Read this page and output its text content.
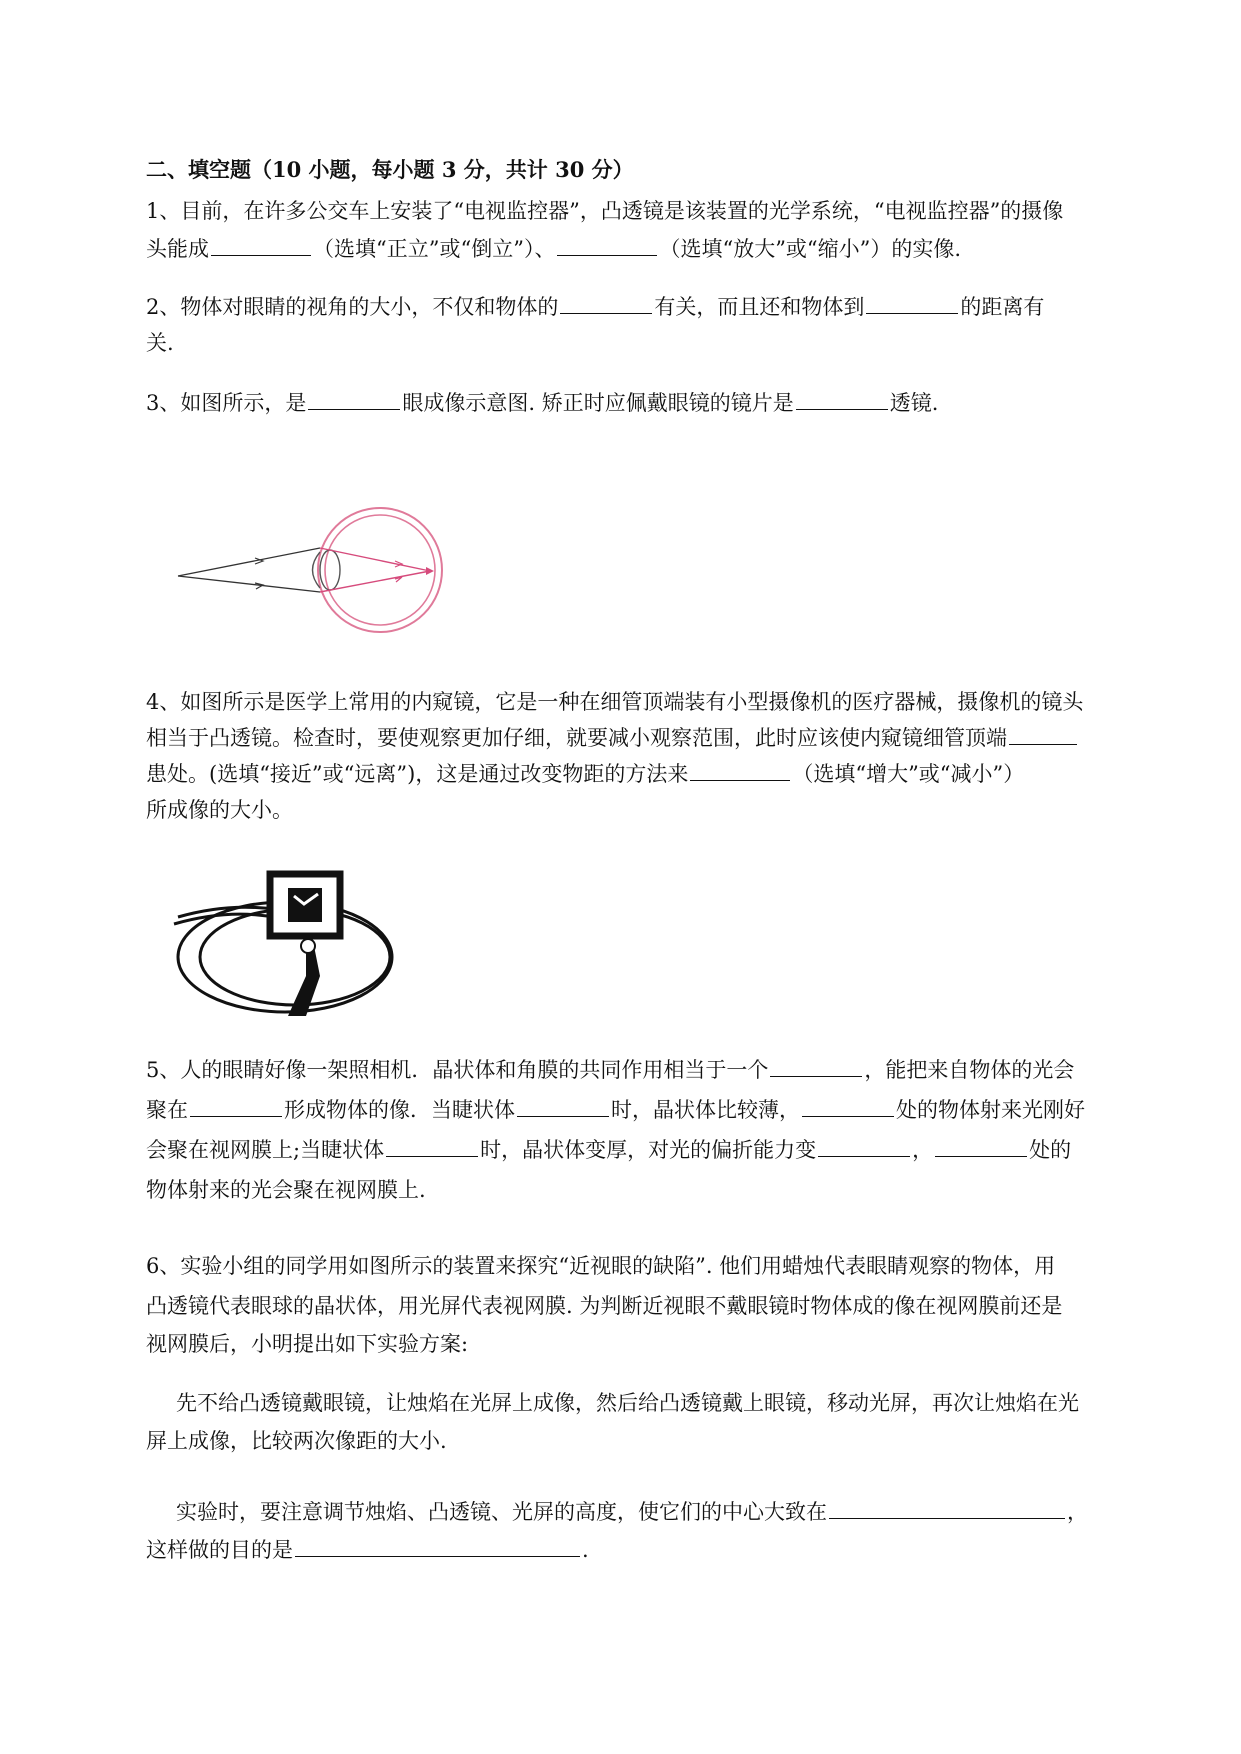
二、填空题（10 小题，每小题 3 分，共计 30 分）
1、目前，在许多公交车上安装了“电视监控器”，凸透镜是该装置的光学系统，“电视监控器”的摄像
头能成	（选填“正立”或“倒立”）、	（选填“放大”或“缩小”）的实像.
2、物体对眼睛的视角的大小，不仅和物体的	有关，而且还和物体到	的距离有
关.
3、如图所示，是	眼成像示意图. 矫正时应佩戴眼镜的镜片是	透镜.
4、如图所示是医学上常用的内窥镜，它是一种在细管顶端装有小型摄像机的医疗器械，摄像机的镜头
相当于凸透镜。检查时，要使观察更加仔细，就要减小观察范围，此时应该使内窥镜细管顶端
患处。(选填“接近”或“远离”)，这是通过改变物距的方法来	（选填“增大”或“减小”）
所成像的大小。
5、人的眼睛好像一架照相机．晶状体和角膜的共同作用相当于一个	，能把来自物体的光会
聚在	形成物体的像．当睫状体	时，晶状体比较薄，	处的物体射来光刚好
会聚在视网膜上;当睫状体	时，晶状体变厚，对光的偏折能力变	，	处的
物体射来的光会聚在视网膜上.
6、实验小组的同学用如图所示的装置来探究“近视眼的缺陷”. 他们用蜡烛代表眼睛观察的物体，用
凸透镜代表眼球的晶状体，用光屏代表视网膜. 为判断近视眼不戴眼镜时物体成的像在视网膜前还是
视网膜后，小明提出如下实验方案:
先不给凸透镜戴眼镜，让烛焰在光屏上成像，然后给凸透镜戴上眼镜，移动光屏，再次让烛焰在光
屏上成像，比较两次像距的大小.
实验时，要注意调节烛焰、凸透镜、光屏的高度，使它们的中心大致在	，
这样做的目的是	.
